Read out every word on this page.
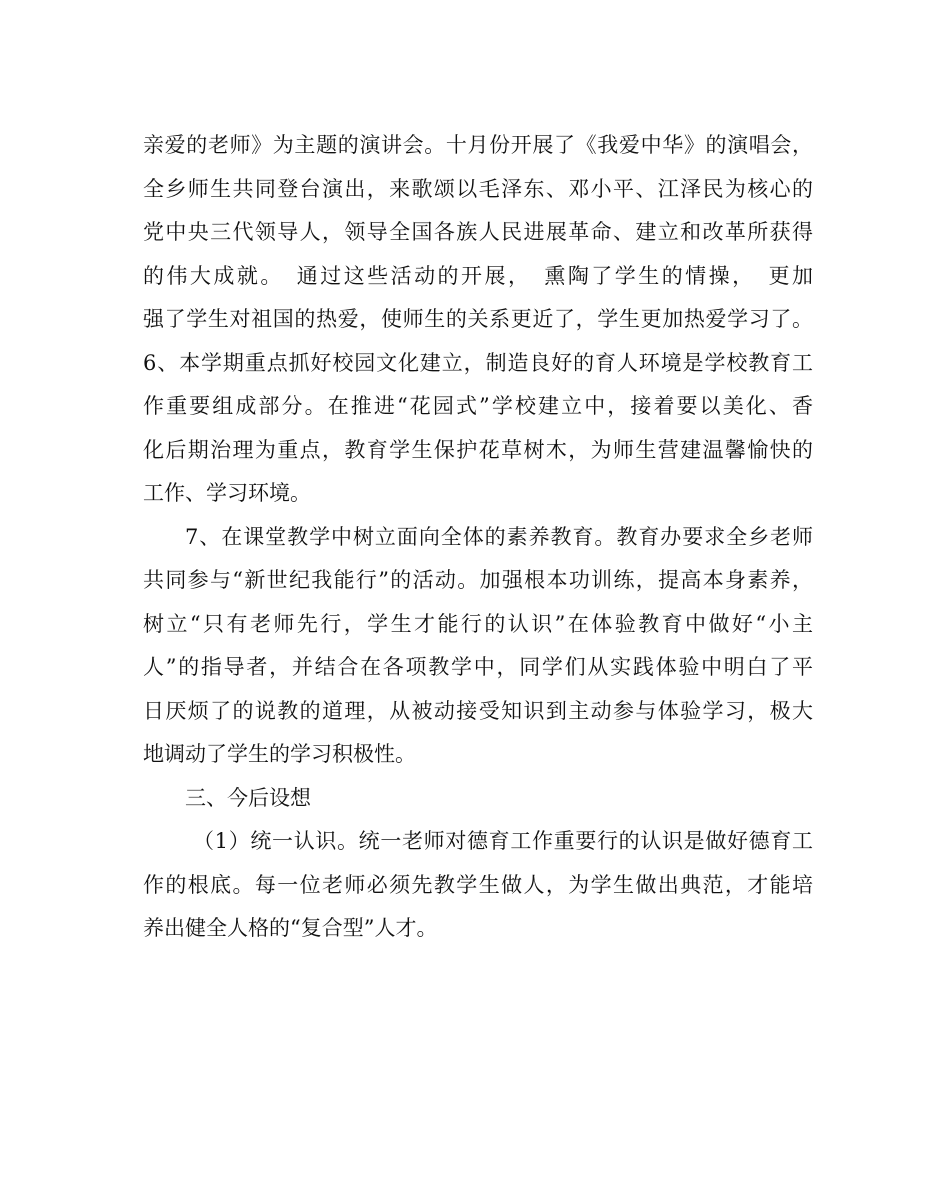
亲爱的老师》为主题的演讲会。十月份开展了《我爱中华》的演唱会，
全乡师生共同登台演出，来歌颂以毛泽东、邓小平、江泽民为核心的
党中央三代领导人，领导全国各族人民进展革命、建立和改革所获得
的伟大成就。　通过这些活动的开展，　熏陶了学生的情操，　更加
强了学生对祖国的热爱，使师生的关系更近了，学生更加热爱学习了。
6、本学期重点抓好校园文化建立，制造良好的育人环境是学校教育工
作重要组成部分。在推进“花园式”学校建立中，接着要以美化、香
化后期治理为重点，教育学生保护花草树木，为师生营建温馨愉快的
工作、学习环境。
7、在课堂教学中树立面向全体的素养教育。教育办要求全乡老师
共同参与“新世纪我能行”的活动。加强根本功训练，提高本身素养，
树立“只有老师先行，学生才能行的认识”在体验教育中做好“小主
人”的指导者，并结合在各项教学中，同学们从实践体验中明白了平
日厌烦了的说教的道理，从被动接受知识到主动参与体验学习，极大
地调动了学生的学习积极性。
三、今后设想
（1）统一认识。统一老师对德育工作重要行的认识是做好德育工
作的根底。每一位老师必须先教学生做人，为学生做出典范，才能培
养出健全人格的“复合型”人才。
